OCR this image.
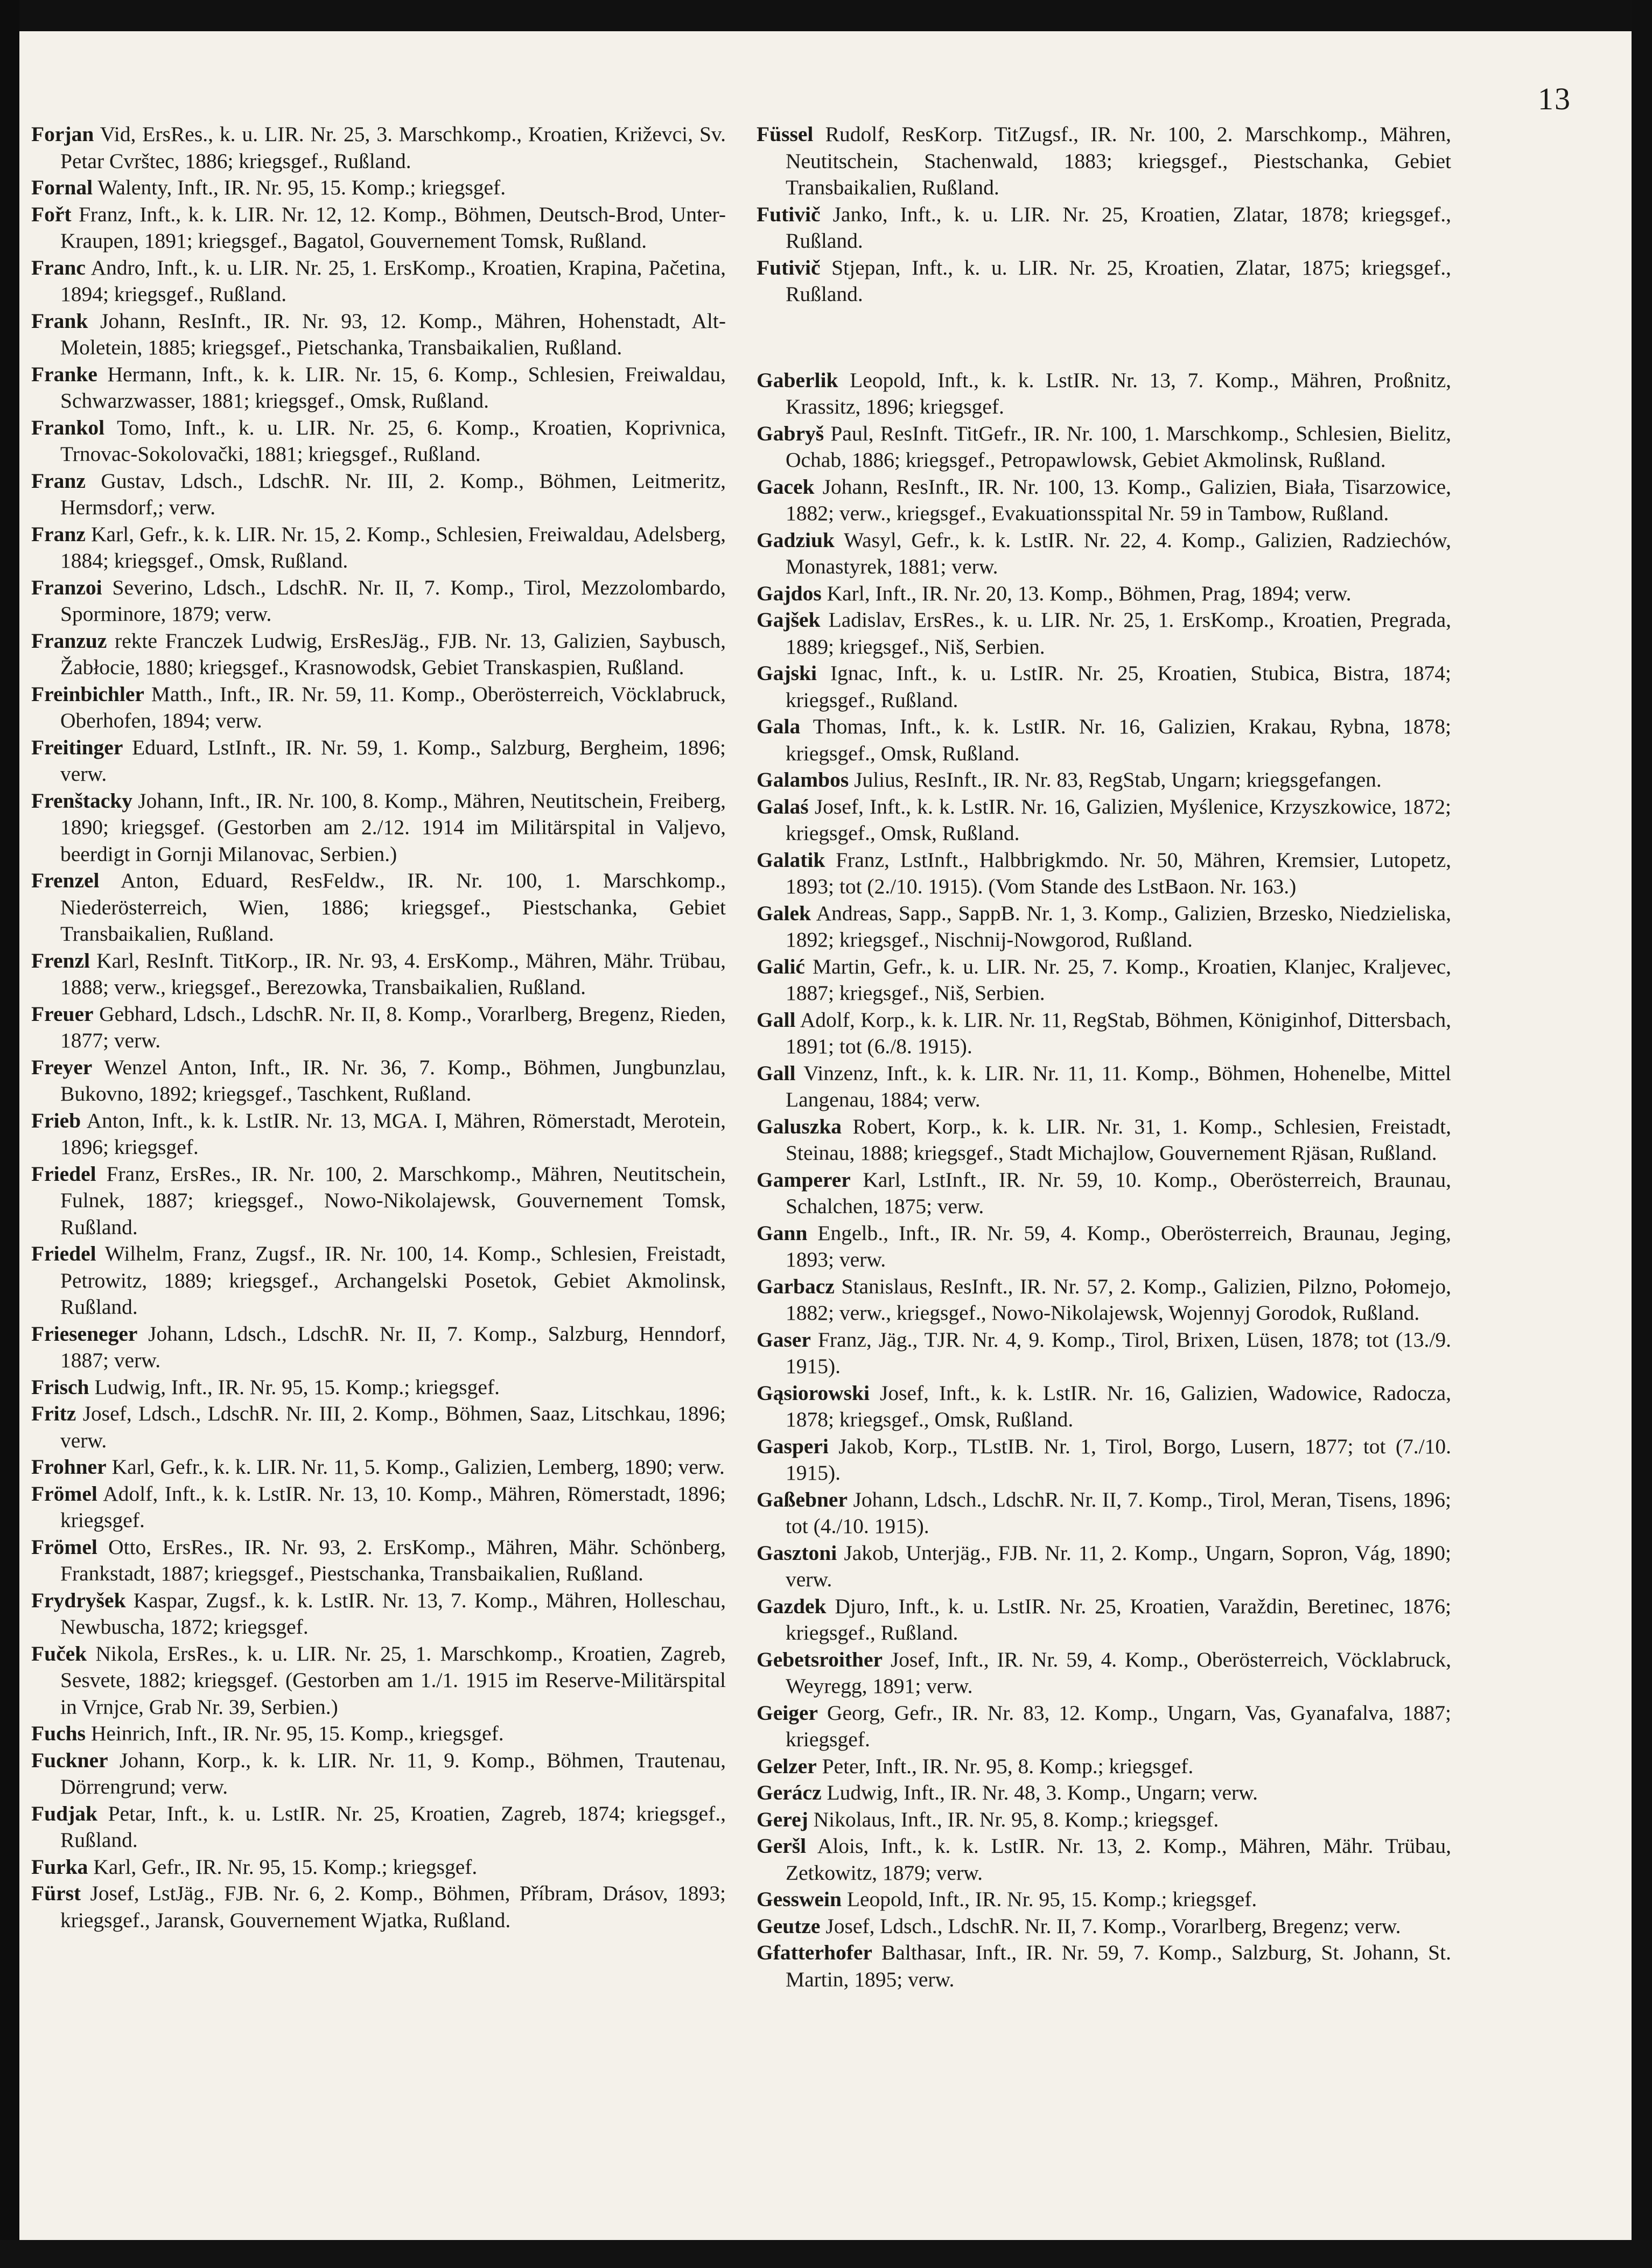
13

Forjan Vid, ErsRes., k. u. LIR. Nr. 25, 3. Marschkomp., Kroatien, Križevci, Sv. Petar Cvrštec, 1886; kriegsgef., Rußland.

Fornal Walenty, Inft., IR. Nr. 95, 15. Komp.; kriegsgef.

Fořt Franz, Inft., k. k. LIR. Nr. 12, 12. Komp., Böhmen, Deutsch-Brod, Unter-Kraupen, 1891; kriegsgef., Bagatol, Gouvernement Tomsk, Rußland.

Franc Andro, Inft., k. u. LIR. Nr. 25, 1. ErsKomp., Kroatien, Krapina, Pačetina, 1894; kriegsgef., Rußland.

Frank Johann, ResInft., IR. Nr. 93, 12. Komp., Mähren, Hohenstadt, Alt-Moletein, 1885; kriegsgef., Pietschanka, Transbaikalien, Rußland.

Franke Hermann, Inft., k. k. LIR. Nr. 15, 6. Komp., Schlesien, Freiwaldau, Schwarzwasser, 1881; kriegsgef., Omsk, Rußland.

Frankol Tomo, Inft., k. u. LIR. Nr. 25, 6. Komp., Kroatien, Koprivnica, Trnovac-Sokolovački, 1881; kriegsgef., Rußland.

Franz Gustav, Ldsch., LdschR. Nr. III, 2. Komp., Böhmen, Leitmeritz, Hermsdorf,; verw.

Franz Karl, Gefr., k. k. LIR. Nr. 15, 2. Komp., Schlesien, Freiwaldau, Adelsberg, 1884; kriegsgef., Omsk, Rußland.

Franzoi Severino, Ldsch., LdschR. Nr. II, 7. Komp., Tirol, Mezzolombardo, Sporminore, 1879; verw.

Franzuz rekte Franczek Ludwig, ErsResJäg., FJB. Nr. 13, Galizien, Saybusch, Žabłocie, 1880; kriegsgef., Krasnowodsk, Gebiet Transkaspien, Rußland.

Freinbichler Matth., Inft., IR. Nr. 59, 11. Komp., Oberösterreich, Vöcklabruck, Oberhofen, 1894; verw.

Freitinger Eduard, LstInft., IR. Nr. 59, 1. Komp., Salzburg, Bergheim, 1896; verw.

Frenštacky Johann, Inft., IR. Nr. 100, 8. Komp., Mähren, Neutitschein, Freiberg, 1890; kriegsgef. (Gestorben am 2./12. 1914 im Militärspital in Valjevo, beerdigt in Gornji Milanovac, Serbien.)

Frenzel Anton, Eduard, ResFeldw., IR. Nr. 100, 1. Marschkomp., Niederösterreich, Wien, 1886; kriegsgef., Piestschanka, Gebiet Transbaikalien, Rußland.

Frenzl Karl, ResInft. TitKorp., IR. Nr. 93, 4. ErsKomp., Mähren, Mähr. Trübau, 1888; verw., kriegsgef., Berezowka, Transbaikalien, Rußland.

Freuer Gebhard, Ldsch., LdschR. Nr. II, 8. Komp., Vorarlberg, Bregenz, Rieden, 1877; verw.

Freyer Wenzel Anton, Inft., IR. Nr. 36, 7. Komp., Böhmen, Jungbunzlau, Bukovno, 1892; kriegsgef., Taschkent, Rußland.

Frieb Anton, Inft., k. k. LstIR. Nr. 13, MGA. I, Mähren, Römerstadt, Merotein, 1896; kriegsgef.

Friedel Franz, ErsRes., IR. Nr. 100, 2. Marschkomp., Mähren, Neutitschein, Fulnek, 1887; kriegsgef., Nowo-Nikolajewsk, Gouvernement Tomsk, Rußland.

Friedel Wilhelm, Franz, Zugsf., IR. Nr. 100, 14. Komp., Schlesien, Freistadt, Petrowitz, 1889; kriegsgef., Archangelski Posetok, Gebiet Akmolinsk, Rußland.

Frieseneger Johann, Ldsch., LdschR. Nr. II, 7. Komp., Salzburg, Henndorf, 1887; verw.

Frisch Ludwig, Inft., IR. Nr. 95, 15. Komp.; kriegsgef.

Fritz Josef, Ldsch., LdschR. Nr. III, 2. Komp., Böhmen, Saaz, Litschkau, 1896; verw.

Frohner Karl, Gefr., k. k. LIR. Nr. 11, 5. Komp., Galizien, Lemberg, 1890; verw.

Frömel Adolf, Inft., k. k. LstIR. Nr. 13, 10. Komp., Mähren, Römerstadt, 1896; kriegsgef.

Frömel Otto, ErsRes., IR. Nr. 93, 2. ErsKomp., Mähren, Mähr. Schönberg, Frankstadt, 1887; kriegsgef., Piestschanka, Transbaikalien, Rußland.

Frydryšek Kaspar, Zugsf., k. k. LstIR. Nr. 13, 7. Komp., Mähren, Holleschau, Newbuscha, 1872; kriegsgef.

Fuček Nikola, ErsRes., k. u. LIR. Nr. 25, 1. Marschkomp., Kroatien, Zagreb, Sesvete, 1882; kriegsgef. (Gestorben am 1./1. 1915 im Reserve-Militärspital in Vrnjce, Grab Nr. 39, Serbien.)

Fuchs Heinrich, Inft., IR. Nr. 95, 15. Komp., kriegsgef.

Fuckner Johann, Korp., k. k. LIR. Nr. 11, 9. Komp., Böhmen, Trautenau, Dörrengrund; verw.

Fudjak Petar, Inft., k. u. LstIR. Nr. 25, Kroatien, Zagreb, 1874; kriegsgef., Rußland.

Furka Karl, Gefr., IR. Nr. 95, 15. Komp.; kriegsgef.

Fürst Josef, LstJäg., FJB. Nr. 6, 2. Komp., Böhmen, Příbram, Drásov, 1893; kriegsgef., Jaransk, Gouvernement Wjatka, Rußland.

Füssel Rudolf, ResKorp. TitZugsf., IR. Nr. 100, 2. Marschkomp., Mähren, Neutitschein, Stachenwald, 1883; kriegsgef., Piestschanka, Gebiet Transbaikalien, Rußland.

Futivič Janko, Inft., k. u. LIR. Nr. 25, Kroatien, Zlatar, 1878; kriegsgef., Rußland.

Futivič Stjepan, Inft., k. u. LIR. Nr. 25, Kroatien, Zlatar, 1875; kriegsgef., Rußland.

Gaberlik Leopold, Inft., k. k. LstIR. Nr. 13, 7. Komp., Mähren, Proßnitz, Krassitz, 1896; kriegsgef.

Gabryš Paul, ResInft. TitGefr., IR. Nr. 100, 1. Marschkomp., Schlesien, Bielitz, Ochab, 1886; kriegsgef., Petropawlowsk, Gebiet Akmolinsk, Rußland.

Gacek Johann, ResInft., IR. Nr. 100, 13. Komp., Galizien, Biała, Tisarzowice, 1882; verw., kriegsgef., Evakuationsspital Nr. 59 in Tambow, Rußland.

Gadziuk Wasyl, Gefr., k. k. LstIR. Nr. 22, 4. Komp., Galizien, Radziechów, Monastyrek, 1881; verw.

Gajdos Karl, Inft., IR. Nr. 20, 13. Komp., Böhmen, Prag, 1894; verw.

Gajšek Ladislav, ErsRes., k. u. LIR. Nr. 25, 1. ErsKomp., Kroatien, Pregrada, 1889; kriegsgef., Niš, Serbien.

Gajski Ignac, Inft., k. u. LstIR. Nr. 25, Kroatien, Stubica, Bistra, 1874; kriegsgef., Rußland.

Gala Thomas, Inft., k. k. LstIR. Nr. 16, Galizien, Krakau, Rybna, 1878; kriegsgef., Omsk, Rußland.

Galambos Julius, ResInft., IR. Nr. 83, RegStab, Ungarn; kriegsgefangen.

Galaś Josef, Inft., k. k. LstIR. Nr. 16, Galizien, Myślenice, Krzyszkowice, 1872; kriegsgef., Omsk, Rußland.

Galatik Franz, LstInft., Halbbrigkmdo. Nr. 50, Mähren, Kremsier, Lutopetz, 1893; tot (2./10. 1915). (Vom Stande des LstBaon. Nr. 163.)

Galek Andreas, Sapp., SappB. Nr. 1, 3. Komp., Galizien, Brzesko, Niedzieliska, 1892; kriegsgef., Nischnij-Nowgorod, Rußland.

Galić Martin, Gefr., k. u. LIR. Nr. 25, 7. Komp., Kroatien, Klanjec, Kraljevec, 1887; kriegsgef., Niš, Serbien.

Gall Adolf, Korp., k. k. LIR. Nr. 11, RegStab, Böhmen, Königinhof, Dittersbach, 1891; tot (6./8. 1915).

Gall Vinzenz, Inft., k. k. LIR. Nr. 11, 11. Komp., Böhmen, Hohenelbe, Mittel Langenau, 1884; verw.

Galuszka Robert, Korp., k. k. LIR. Nr. 31, 1. Komp., Schlesien, Freistadt, Steinau, 1888; kriegsgef., Stadt Michajlow, Gouvernement Rjäsan, Rußland.

Gamperer Karl, LstInft., IR. Nr. 59, 10. Komp., Oberösterreich, Braunau, Schalchen, 1875; verw.

Gann Engelb., Inft., IR. Nr. 59, 4. Komp., Oberösterreich, Braunau, Jeging, 1893; verw.

Garbacz Stanislaus, ResInft., IR. Nr. 57, 2. Komp., Galizien, Pilzno, Połomejo, 1882; verw., kriegsgef., Nowo-Nikolajewsk, Wojennyj Gorodok, Rußland.

Gaser Franz, Jäg., TJR. Nr. 4, 9. Komp., Tirol, Brixen, Lüsen, 1878; tot (13./9. 1915).

Gąsiorowski Josef, Inft., k. k. LstIR. Nr. 16, Galizien, Wadowice, Radocza, 1878; kriegsgef., Omsk, Rußland.

Gasperi Jakob, Korp., TLstIB. Nr. 1, Tirol, Borgo, Lusern, 1877; tot (7./10. 1915).

Gaßebner Johann, Ldsch., LdschR. Nr. II, 7. Komp., Tirol, Meran, Tisens, 1896; tot (4./10. 1915).

Gasztoni Jakob, Unterjäg., FJB. Nr. 11, 2. Komp., Ungarn, Sopron, Vág, 1890; verw.

Gazdek Djuro, Inft., k. u. LstIR. Nr. 25, Kroatien, Varaždin, Beretinec, 1876; kriegsgef., Rußland.

Gebetsroither Josef, Inft., IR. Nr. 59, 4. Komp., Oberösterreich, Vöcklabruck, Weyregg, 1891; verw.

Geiger Georg, Gefr., IR. Nr. 83, 12. Komp., Ungarn, Vas, Gyanafalva, 1887; kriegsgef.

Gelzer Peter, Inft., IR. Nr. 95, 8. Komp.; kriegsgef.

Gerácz Ludwig, Inft., IR. Nr. 48, 3. Komp., Ungarn; verw.

Gerej Nikolaus, Inft., IR. Nr. 95, 8. Komp.; kriegsgef.

Geršl Alois, Inft., k. k. LstIR. Nr. 13, 2. Komp., Mähren, Mähr. Trübau, Zetkowitz, 1879; verw.

Gesswein Leopold, Inft., IR. Nr. 95, 15. Komp.; kriegsgef.

Geutze Josef, Ldsch., LdschR. Nr. II, 7. Komp., Vorarlberg, Bregenz; verw.

Gfatterhofer Balthasar, Inft., IR. Nr. 59, 7. Komp., Salzburg, St. Johann, St. Martin, 1895; verw.
